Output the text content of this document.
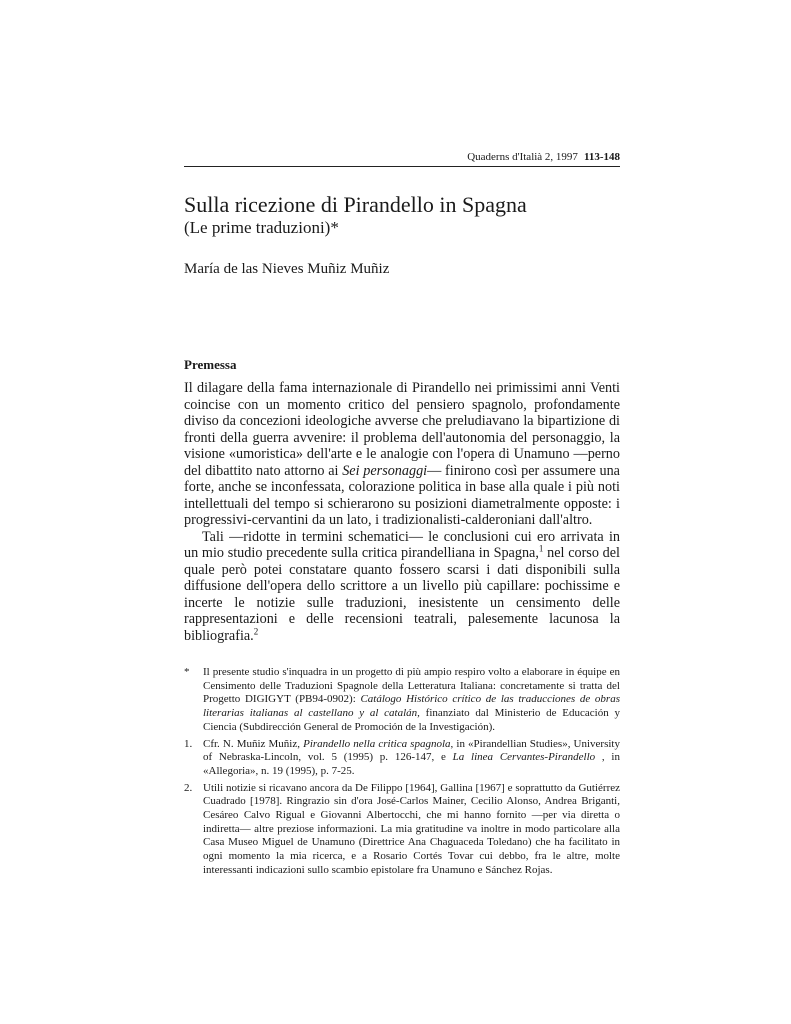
Quaderns d'Italià 2, 1997 113-148
Sulla ricezione di Pirandello in Spagna
(Le prime traduzioni)*
María de las Nieves Muñiz Muñiz
Premessa

Il dilagare della fama internazionale di Pirandello nei primissimi anni Venti coincise con un momento critico del pensiero spagnolo, profondamente diviso da concezioni ideologiche avverse che preludiavano la bipartizione di fronti della guerra avvenire: il problema dell'autonomia del personaggio, la visione «umoristica» dell'arte e le analogie con l'opera di Unamuno —perno del dibattito nato attorno ai Sei personaggi— finirono così per assumere una forte, anche se inconfessata, colorazione politica in base alla quale i più noti intellettuali del tempo si schierarono su posizioni diametralmente opposte: i progressivi-cervantini da un lato, i tradizionalisti-calderoniani dall'altro.

Tali —ridotte in termini schematici— le conclusioni cui ero arrivata in un mio studio precedente sulla critica pirandelliana in Spagna,$^1$ nel corso del quale però potei constatare quanto fossero scarsi i dati disponibili sulla diffusione dell'opera dello scrittore a un livello più capillare: pochissime e incerte le notizie sulle traduzioni, inesistente un censimento delle rappresentazioni e delle recensioni teatrali, palesemente lacunosa la bibliografia.$^2$

*	Il presente studio s'inquadra in un progetto di più ampio respiro volto a elaborare in équipe en Censimento delle Traduzioni Spagnole della Letteratura Italiana: concretamente si tratta del Progetto DIGIGYT (PB94-0902): Catálogo Histórico crítico de las traducciones de obras literarias italianas al castellano y al catalán, finanziato dal Ministerio de Educación y Ciencia (Subdirección General de Promoción de la Investigación).
1. Cfr. N. Muñiz Muñiz, Pirandello nella critica spagnola, in «Pirandellian Studies», University of Nebraska-Lincoln, vol. 5 (1995) p. 126-147, e La linea Cervantes-Pirandello , in «Allegoria», n. 19 (1995), p. 7-25.
2. Utili notizie si ricavano ancora da De Filippo [1964], Gallina [1967] e soprattutto da Gutiérrez Cuadrado [1978]. Ringrazio sin d'ora José-Carlos Mainer, Cecilio Alonso, Andrea Briganti, Cesáreo Calvo Rigual e Giovanni Albertocchi, che mi hanno fornito —per via diretta o indiretta— altre preziose informazioni. La mia gratitudine va inoltre in modo particolare alla Casa Museo Miguel de Unamuno (Direttrice Ana Chaguaceda Toledano) che ha facilitato in ogni momento la mia ricerca, e a Rosario Cortés Tovar cui debbo, fra le altre, molte interessanti indicazioni sullo scambio epistolare fra Unamuno e Sánchez Rojas.
